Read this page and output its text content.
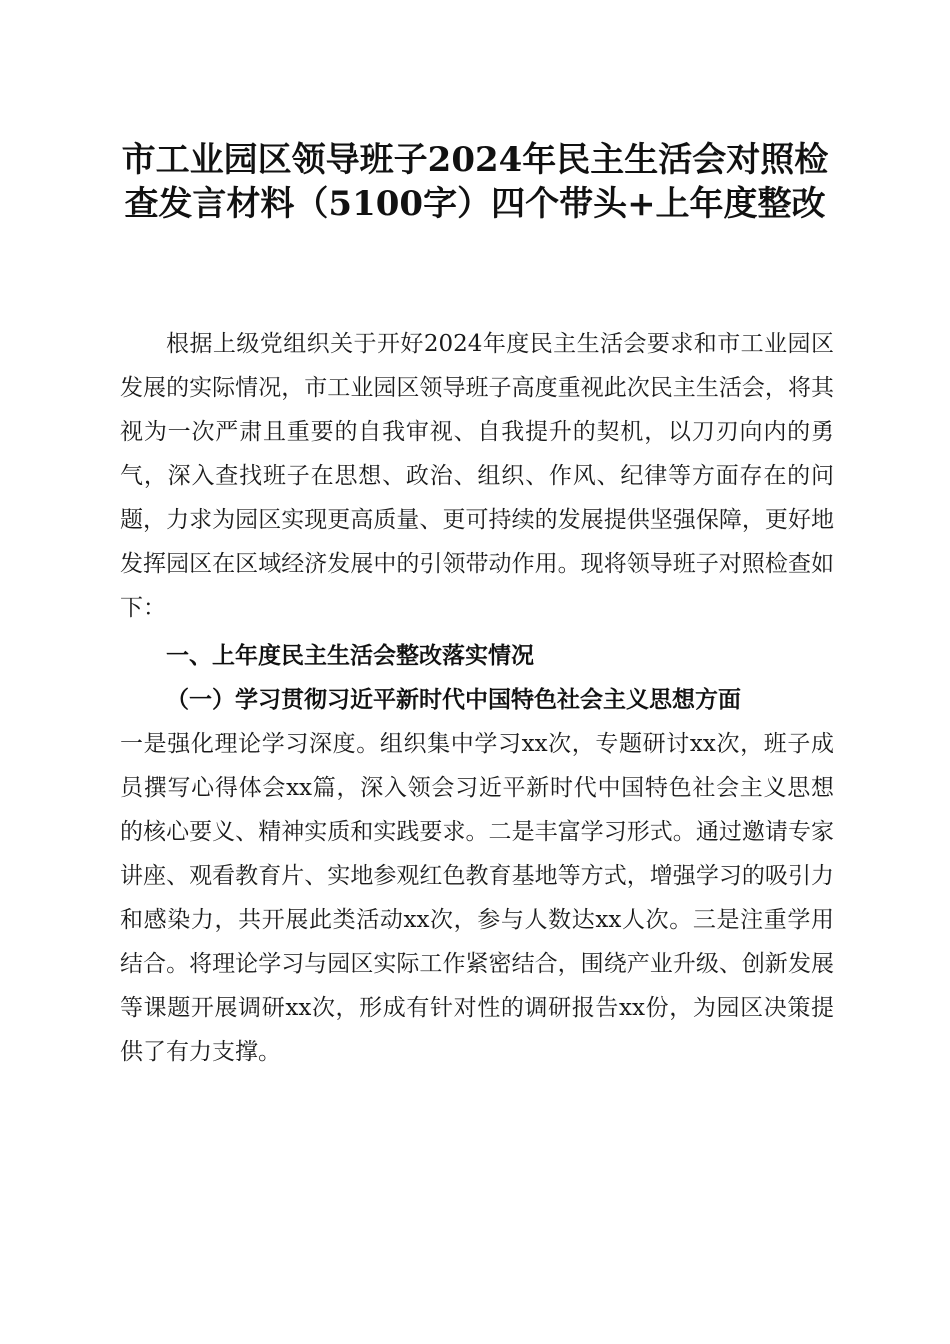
市工业园区领导班子2024年民主生活会对照检查发言材料（5100字）四个带头+上年度整改

根据上级党组织关于开好2024年度民主生活会要求和市工业园区发展的实际情况，市工业园区领导班子高度重视此次民主生活会，将其视为一次严肃且重要的自我审视、自我提升的契机，以刀刃向内的勇气，深入查找班子在思想、政治、组织、作风、纪律等方面存在的问题，力求为园区实现更高质量、更可持续的发展提供坚强保障，更好地发挥园区在区域经济发展中的引领带动作用。现将领导班子对照检查如下：

一、上年度民主生活会整改落实情况
（一）学习贯彻习近平新时代中国特色社会主义思想方面

一是强化理论学习深度。组织集中学习xx次，专题研讨xx次，班子成员撰写心得体会xx篇，深入领会习近平新时代中国特色社会主义思想的核心要义、精神实质和实践要求。二是丰富学习形式。通过邀请专家讲座、观看教育片、实地参观红色教育基地等方式，增强学习的吸引力和感染力，共开展此类活动xx次，参与人数达xx人次。三是注重学用结合。将理论学习与园区实际工作紧密结合，围绕产业升级、创新发展等课题开展调研xx次，形成有针对性的调研报告xx份，为园区决策提供了有力支撑。
